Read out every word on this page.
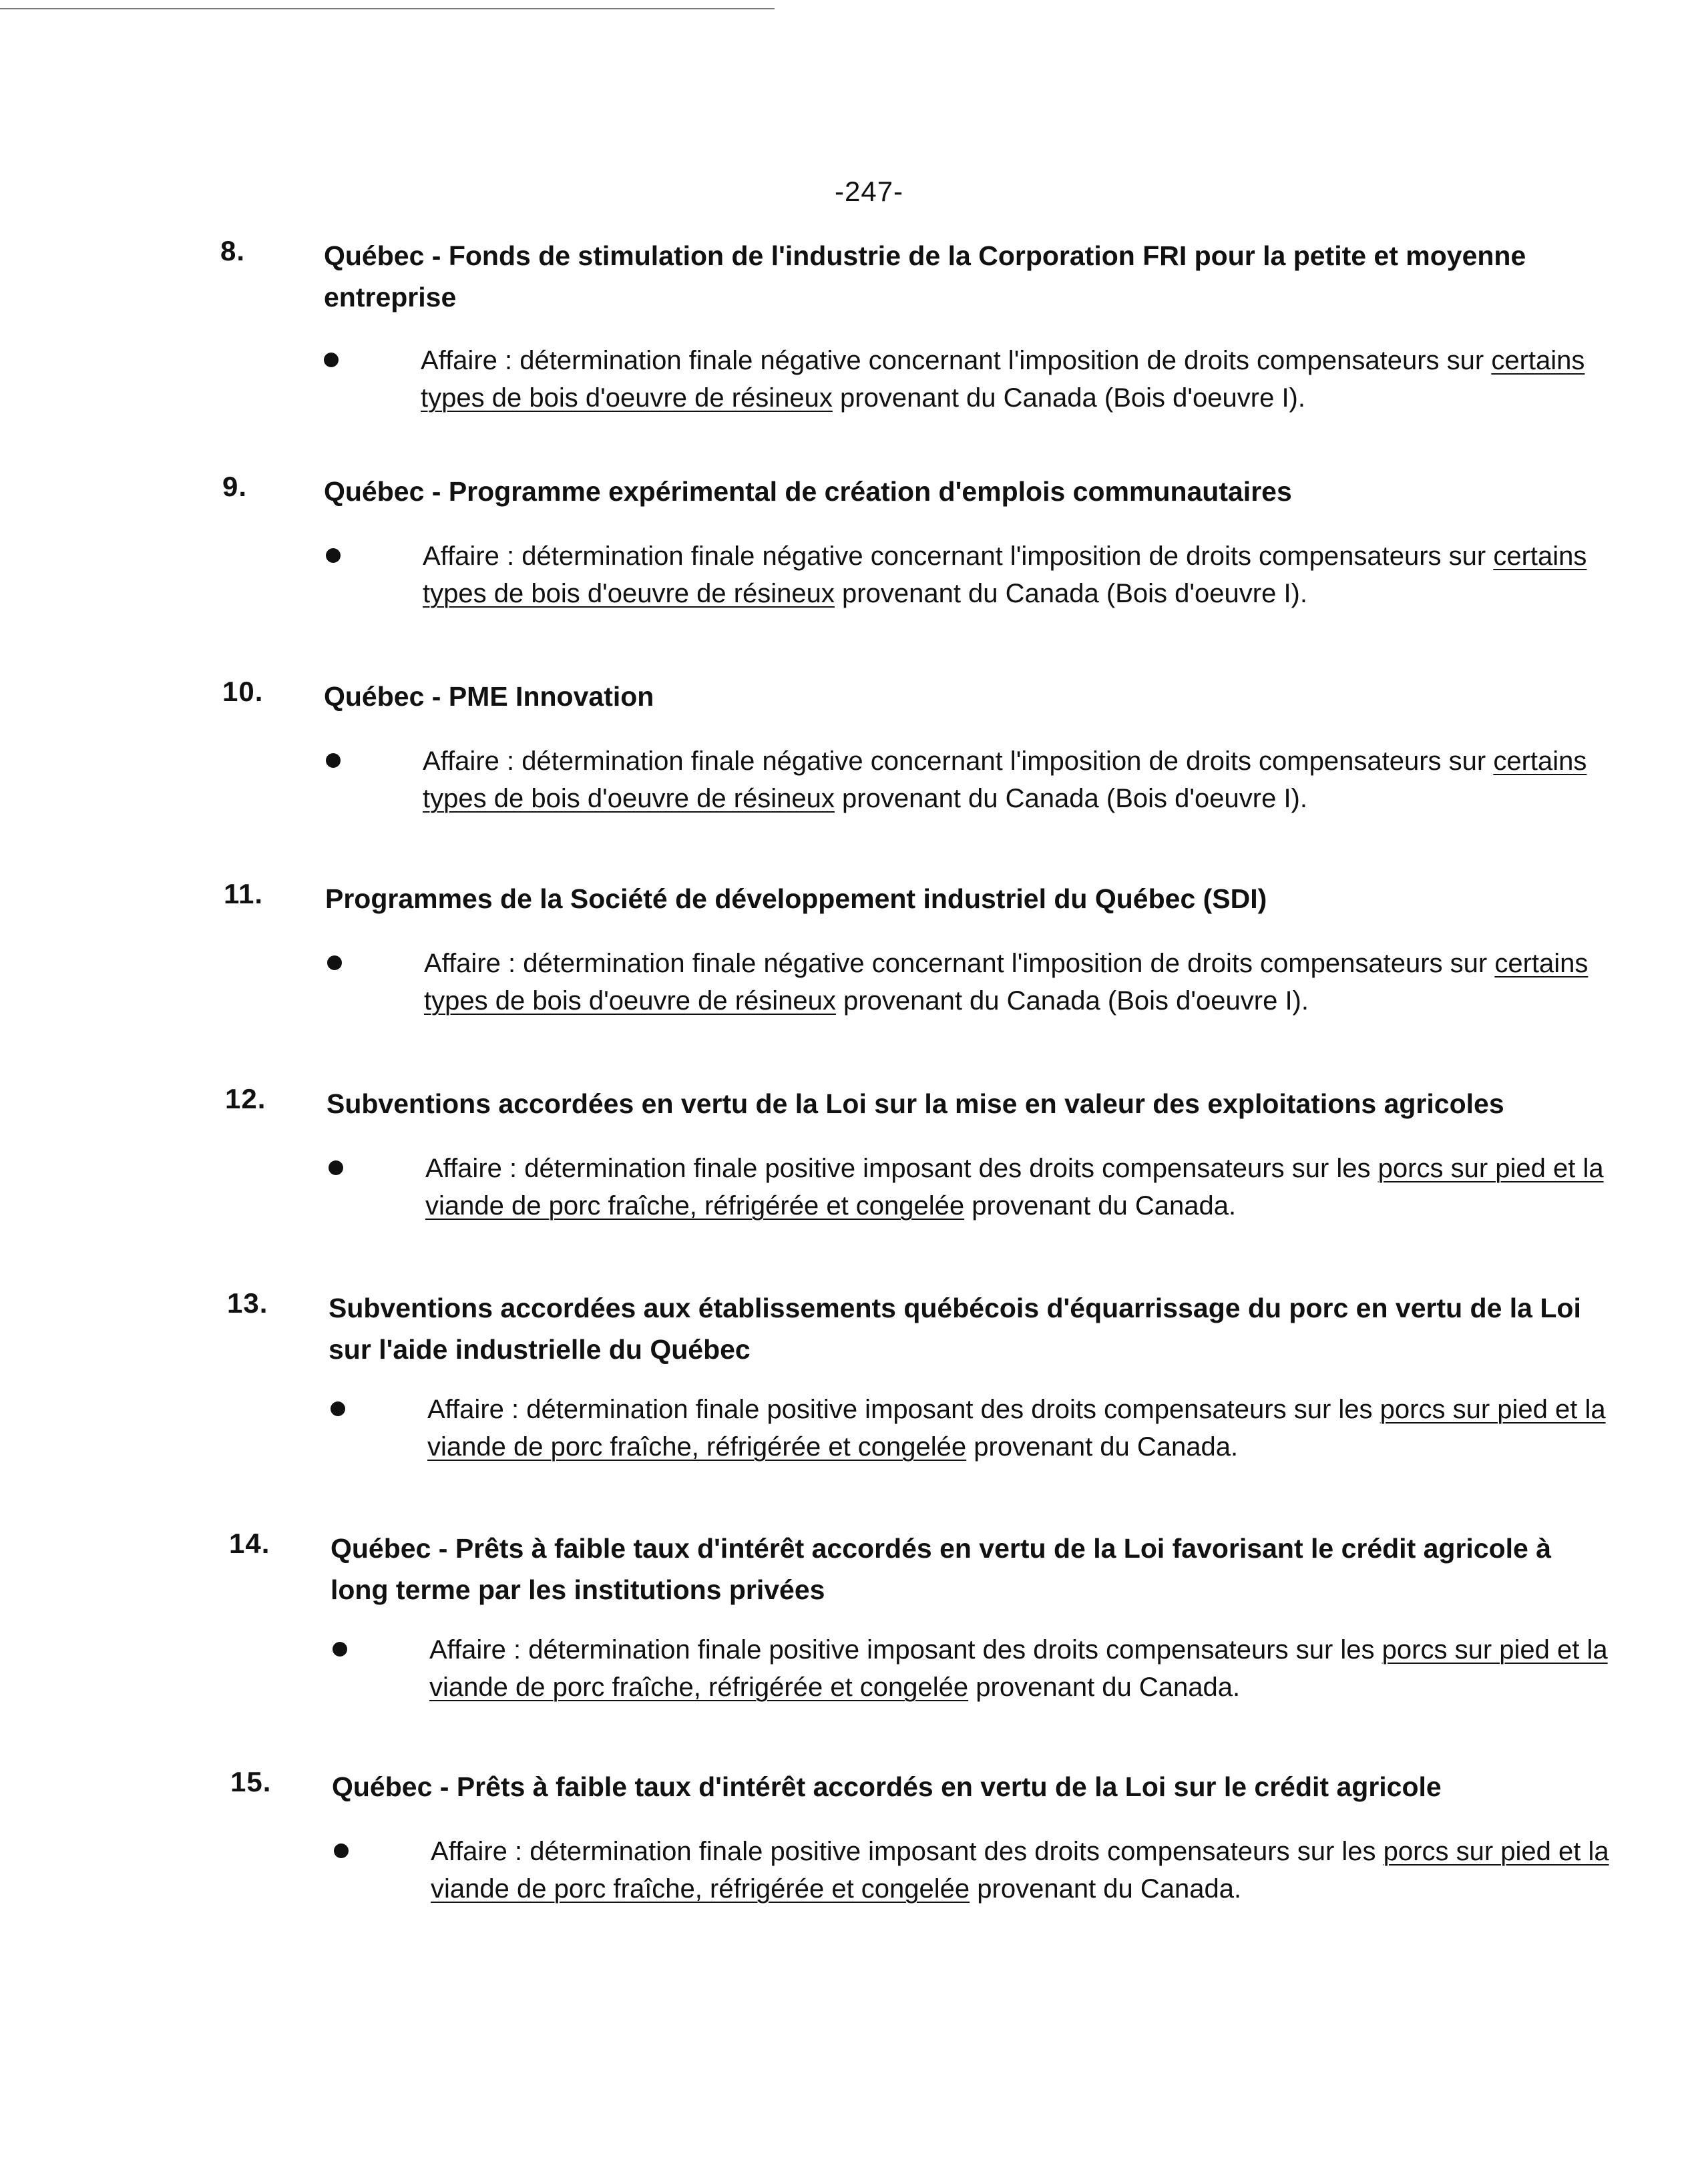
-247-
8.	Québec - Fonds de stimulation de l'industrie de la Corporation FRI pour la petite et moyenne entreprise
Affaire : détermination finale négative concernant l'imposition de droits compensateurs sur certains types de bois d'oeuvre de résineux provenant du Canada (Bois d'oeuvre I).
9.	Québec - Programme expérimental de création d'emplois communautaires
Affaire : détermination finale négative concernant l'imposition de droits compensateurs sur certains types de bois d'oeuvre de résineux provenant du Canada (Bois d'oeuvre I).
10. Québec - PME Innovation
Affaire : détermination finale négative concernant l'imposition de droits compensateurs sur certains types de bois d'oeuvre de résineux provenant du Canada (Bois d'oeuvre I).
11. Programmes de la Société de développement industriel du Québec (SDI)
Affaire : détermination finale négative concernant l'imposition de droits compensateurs sur certains types de bois d'oeuvre de résineux provenant du Canada (Bois d'oeuvre I).
12. Subventions accordées en vertu de la Loi sur la mise en valeur des exploitations agricoles
Affaire : détermination finale positive imposant des droits compensateurs sur les porcs sur pied et la viande de porc fraîche, réfrigérée et congelée provenant du Canada.
13. Subventions accordées aux établissements québécois d'équarrissage du porc en vertu de la Loi sur l'aide industrielle du Québec
Affaire : détermination finale positive imposant des droits compensateurs sur les porcs sur pied et la viande de porc fraîche, réfrigérée et congelée provenant du Canada.
14. Québec - Prêts à faible taux d'intérêt accordés en vertu de la Loi favorisant le crédit agricole à long terme par les institutions privées
Affaire : détermination finale positive imposant des droits compensateurs sur les porcs sur pied et la viande de porc fraîche, réfrigérée et congelée provenant du Canada.
15. Québec - Prêts à faible taux d'intérêt accordés en vertu de la Loi sur le crédit agricole
Affaire : détermination finale positive imposant des droits compensateurs sur les porcs sur pied et la viande de porc fraîche, réfrigérée et congelée provenant du Canada.
